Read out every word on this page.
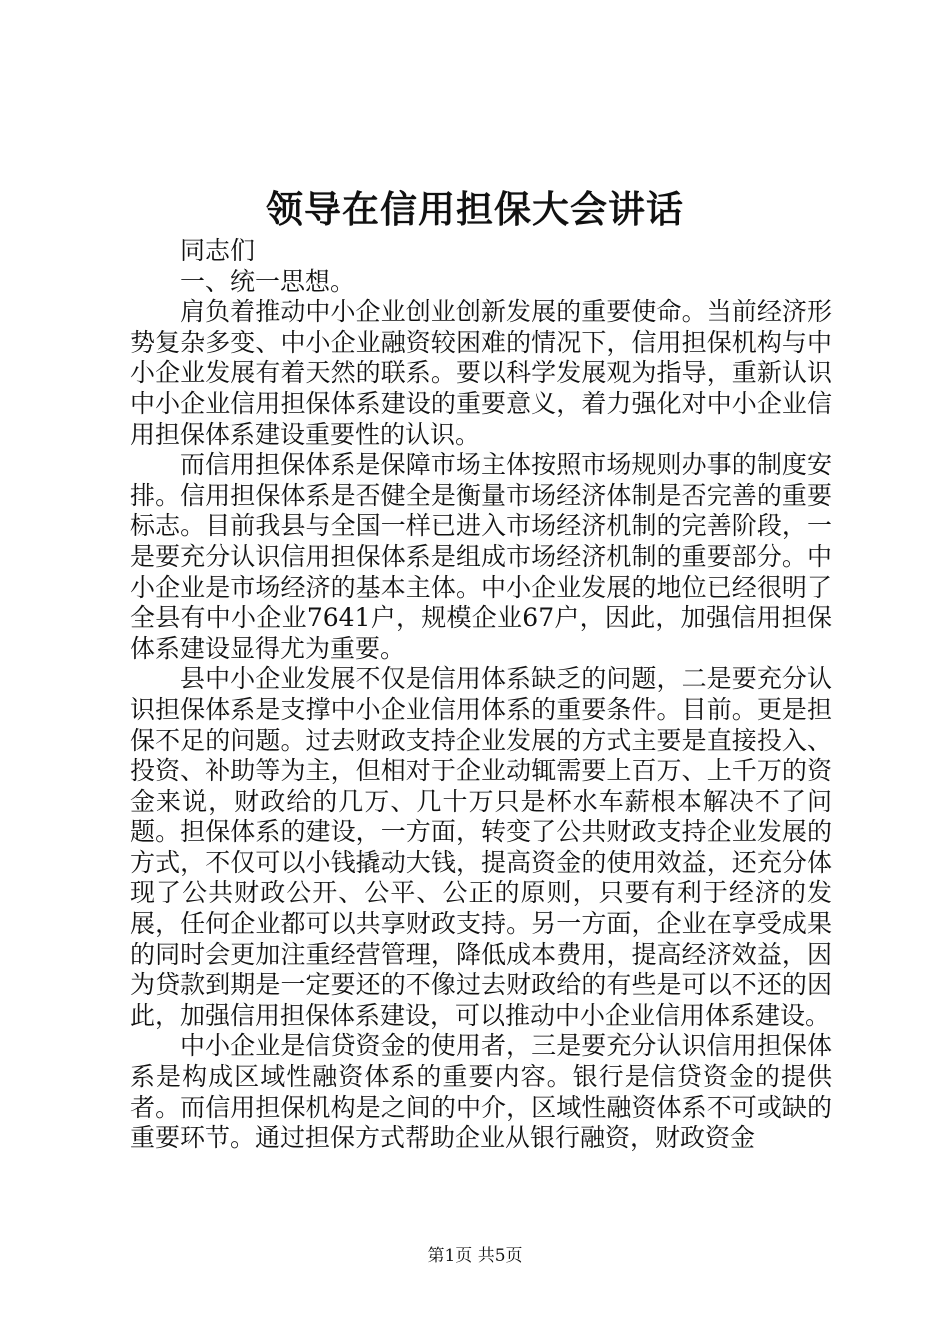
领导在信用担保大会讲话

同志们

一、统一思想。

肩负着推动中小企业创业创新发展的重要使命。当前经济形势复杂多变、中小企业融资较困难的情况下，信用担保机构与中小企业发展有着天然的联系。要以科学发展观为指导，重新认识中小企业信用担保体系建设的重要意义，着力强化对中小企业信用担保体系建设重要性的认识。

而信用担保体系是保障市场主体按照市场规则办事的制度安排。信用担保体系是否健全是衡量市场经济体制是否完善的重要标志。目前我县与全国一样已进入市场经济机制的完善阶段，一是要充分认识信用担保体系是组成市场经济机制的重要部分。中小企业是市场经济的基本主体。中小企业发展的地位已经很明了全县有中小企业7641户，规模企业67户，因此，加强信用担保体系建设显得尤为重要。

县中小企业发展不仅是信用体系缺乏的问题，二是要充分认识担保体系是支撑中小企业信用体系的重要条件。目前。更是担保不足的问题。过去财政支持企业发展的方式主要是直接投入、投资、补助等为主，但相对于企业动辄需要上百万、上千万的资金来说，财政给的几万、几十万只是杯水车薪根本解决不了问题。担保体系的建设，一方面，转变了公共财政支持企业发展的方式，不仅可以小钱撬动大钱，提高资金的使用效益，还充分体现了公共财政公开、公平、公正的原则，只要有利于经济的发展，任何企业都可以共享财政支持。另一方面，企业在享受成果的同时会更加注重经营管理，降低成本费用，提高经济效益，因为贷款到期是一定要还的不像过去财政给的有些是可以不还的因此，加强信用担保体系建设，可以推动中小企业信用体系建设。

中小企业是信贷资金的使用者，三是要充分认识信用担保体系是构成区域性融资体系的重要内容。银行是信贷资金的提供者。而信用担保机构是之间的中介，区域性融资体系不可或缺的重要环节。通过担保方式帮助企业从银行融资，财政资金

第1页 共5页
